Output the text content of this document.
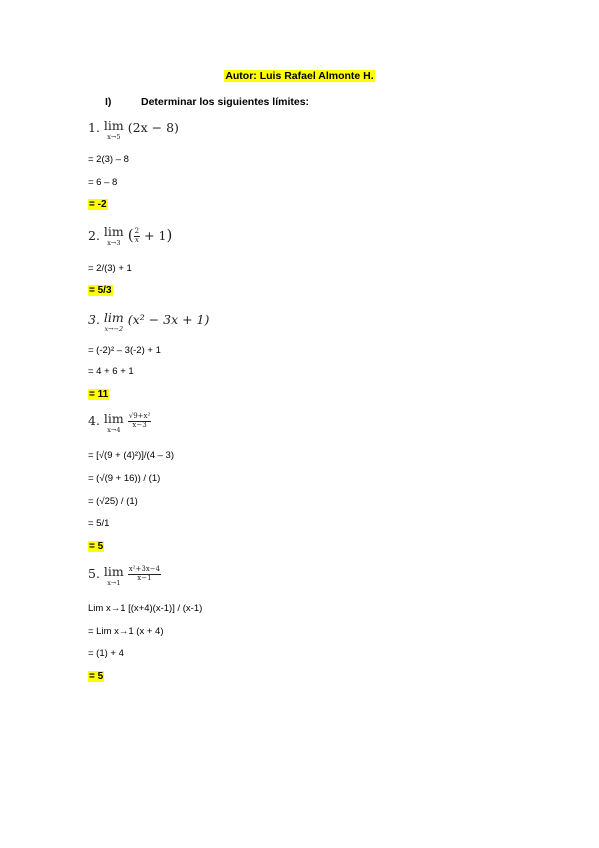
Autor: Luis Rafael Almonte H.
I)	Determinar los siguientes límites:
1. lim
x→5
(2x − 8)
= 2(3) – 8
= 6 – 8
= -2
2. lim
x→3 ( $\frac{2}{x} + 1$)
= 2/(3) + 1
= 5/3
3. lim
x→−2
(x² − 3x + 1)
= (-2)² – 3(-2) + 1
= 4 + 6 + 1
= 11
4. lim
x→4
	$\frac{\text{√9+x²}}{x-3}$
= [√(9 + (4)²)]/(4 – 3)
= (√(9 + 16)) / (1)
= (√25) / (1)
= 5/1
= 5
5. lim
x→1
	$\frac{\text{x²+3x−4}}{x-1}$
Lim x→1 [(x+4)(x-1)] / (x-1)
= Lim x→1 (x + 4)
= (1) + 4
= 5
